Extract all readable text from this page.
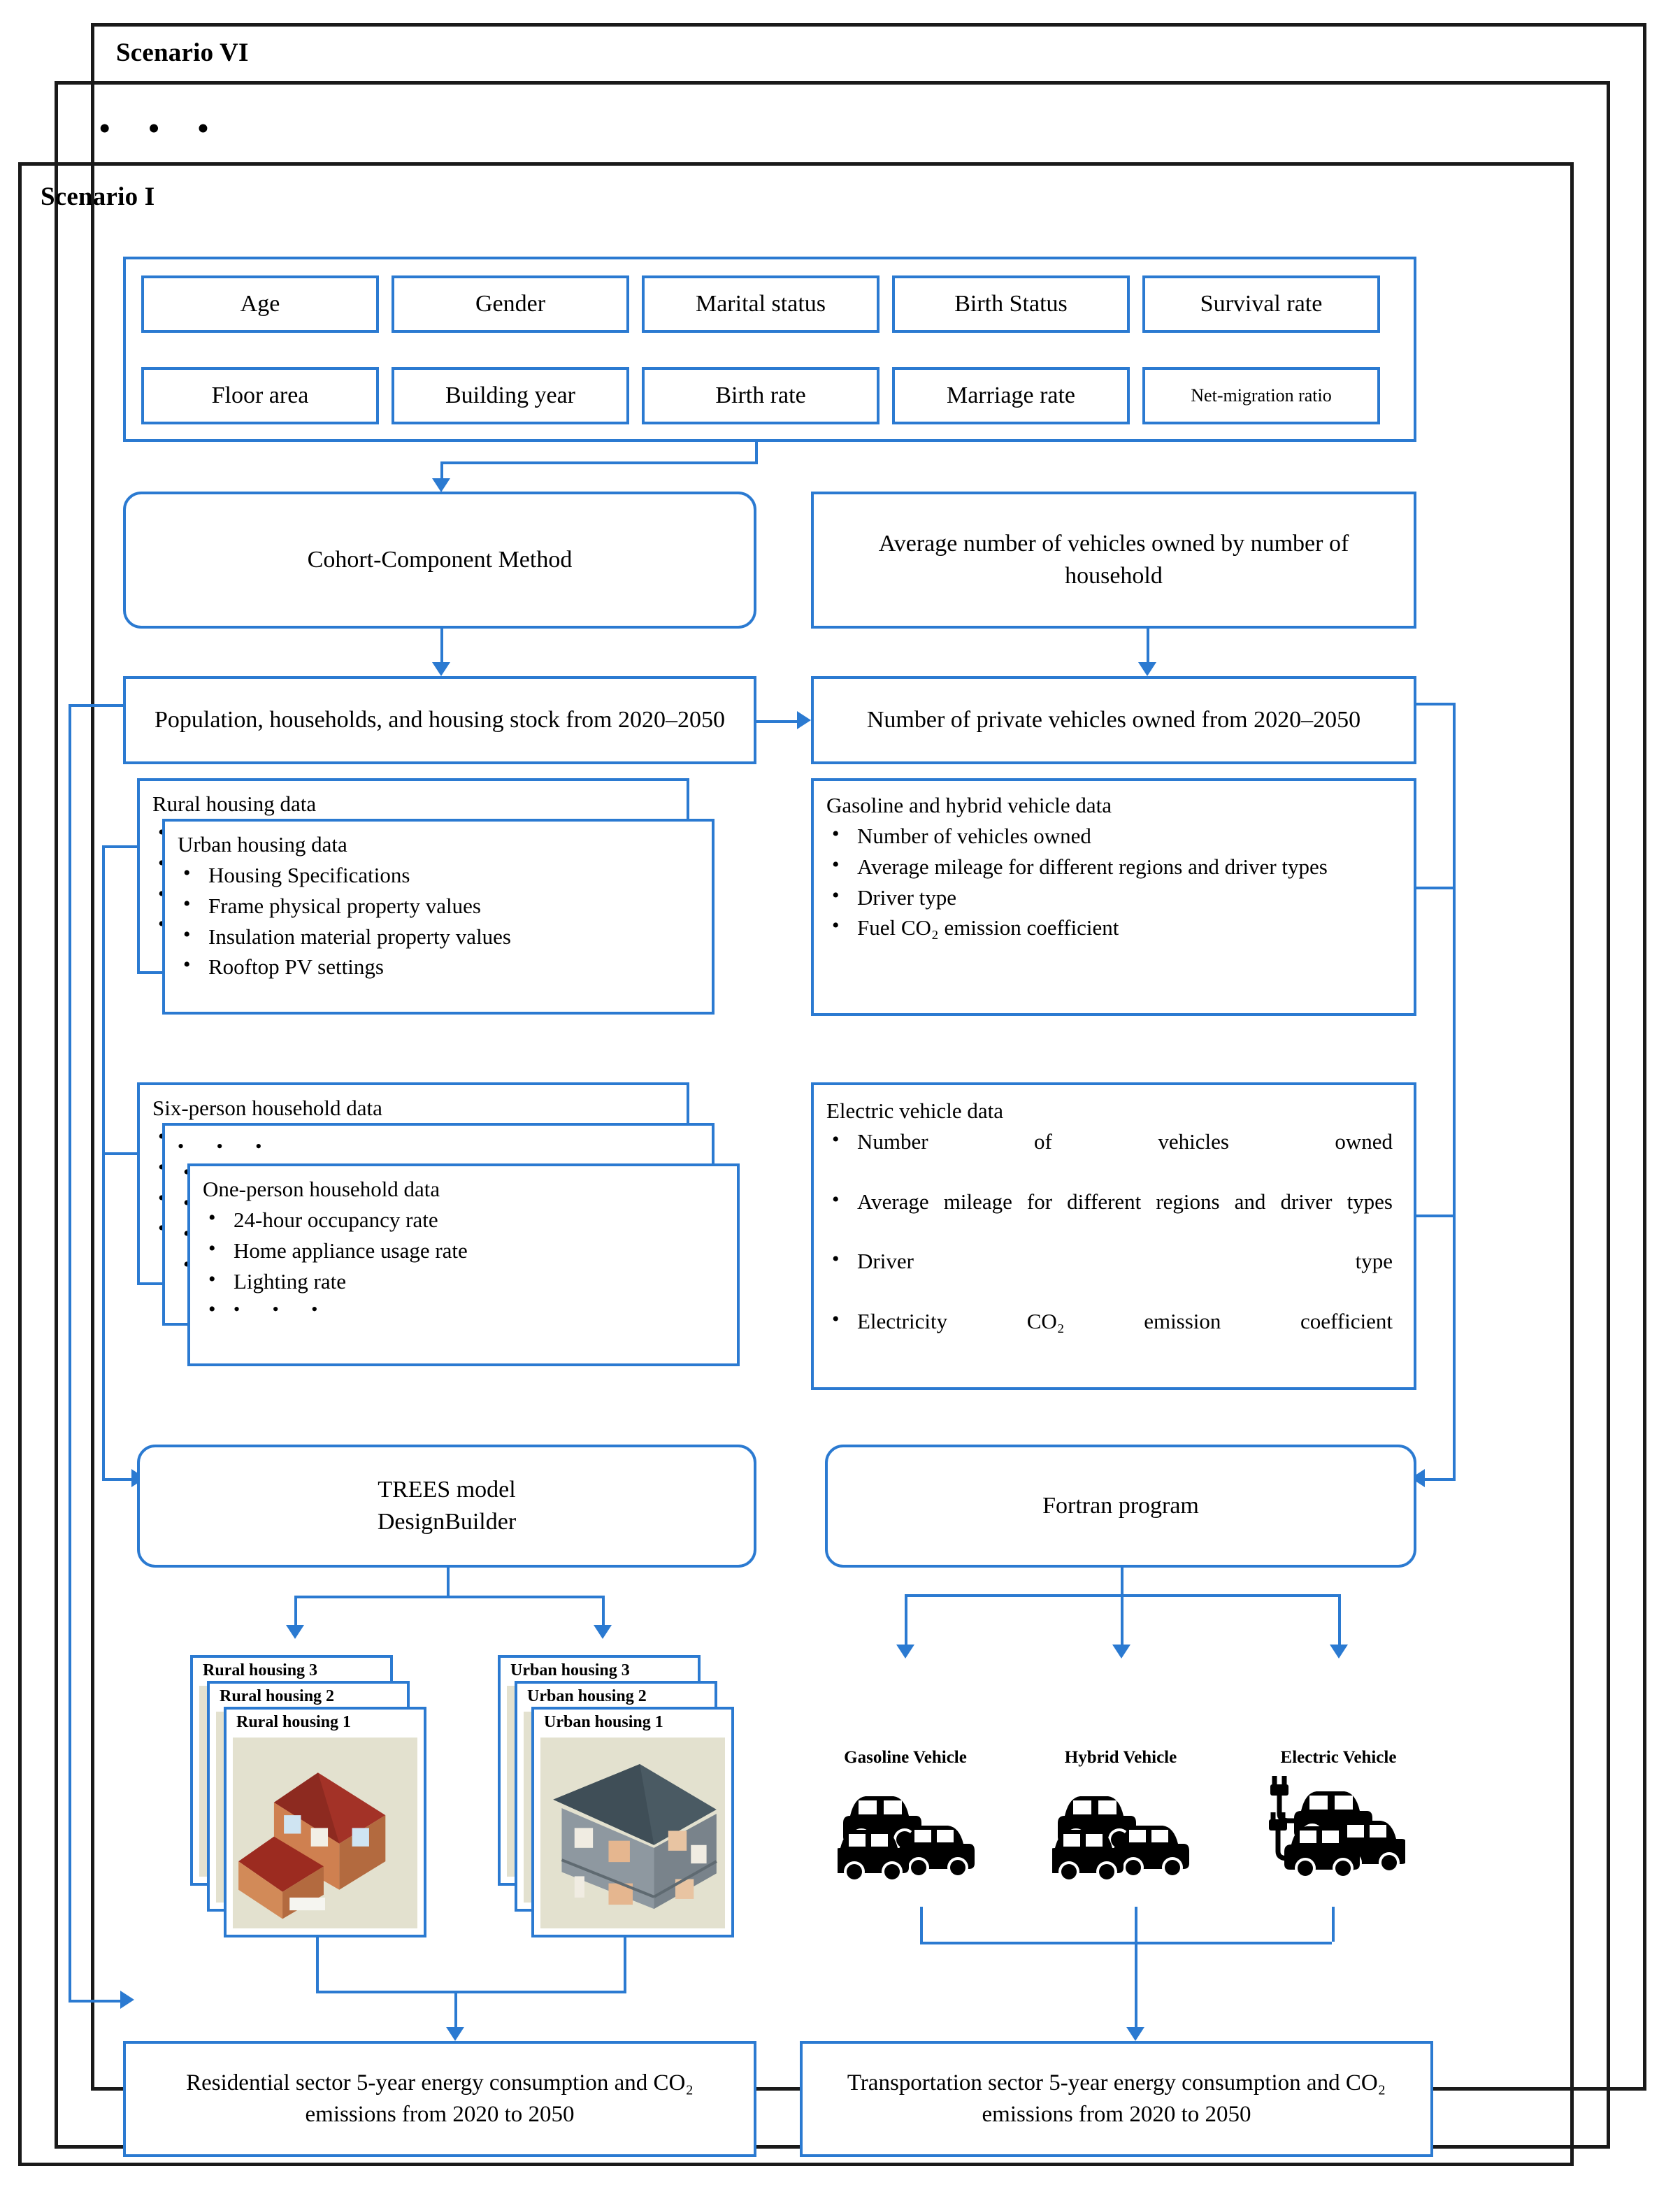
Scenario VI
• • •
Scenario I
Age	Gender	Marital status	Birth Status	Survival rate
Floor area	Building year	Birth rate	Marriage rate	Net-migration ratio
Cohort-Component Method
Average number of vehicles owned by number of household
Population, households, and housing stock from 2020–2050	Number of private vehicles owned from 2020–2050
Rural housing data
•
•
•
•
Urban housing data
• Housing Specifications
• Frame physical property values
• Insulation material property values
• Rooftop PV settings
Six-person household data
•
•
•
•
• • •
•
•
•
•
One-person household data
• 24-hour occupancy rate
• Home appliance usage rate
• Lighting rate
• • • •
Gasoline and hybrid vehicle data
• Number of vehicles owned
• Average mileage for different regions and driver types
• Driver type
• Fuel CO₂ emission coefficient
Electric vehicle data
• Number of vehicles owned
• Average mileage for different regions and driver types
• Driver type
• Electricity CO₂ emission coefficient
TREES model
DesignBuilder
Fortran program
Rural housing 3
Rural housing 2
Rural housing 1
Urban housing 3
Urban housing 2
Urban housing 1
Gasoline Vehicle	Hybrid Vehicle	Electric Vehicle
Residential sector 5-year energy consumption and CO₂ emissions from 2020 to 2050
Transportation sector 5-year energy consumption and CO₂ emissions from 2020 to 2050
